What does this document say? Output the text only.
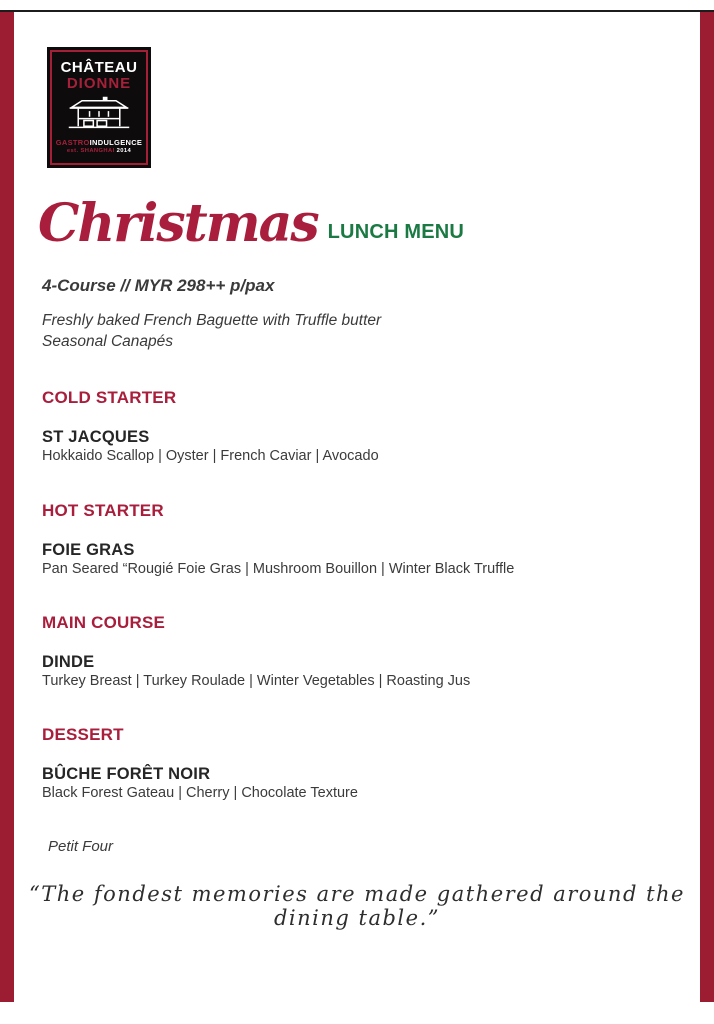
CHÂTEAU
DIONNE
GASTROINDULGENCE
est. SHANGHAI 2014
Christmas LUNCH MENU
4-Course // MYR 298++ p/pax
Freshly baked French Baguette with Truffle butter
Seasonal Canapés
COLD STARTER
ST JACQUES
Hokkaido Scallop | Oyster | French Caviar | Avocado
HOT STARTER
FOIE GRAS
Pan Seared “Rougié Foie Gras | Mushroom Bouillon | Winter Black Truffle
MAIN COURSE
DINDE
Turkey Breast | Turkey Roulade | Winter Vegetables | Roasting Jus
DESSERT
BÛCHE FORÊT NOIR
Black Forest Gateau | Cherry | Chocolate Texture
Petit Four
“The fondest memories are made gathered around the dining table.”
